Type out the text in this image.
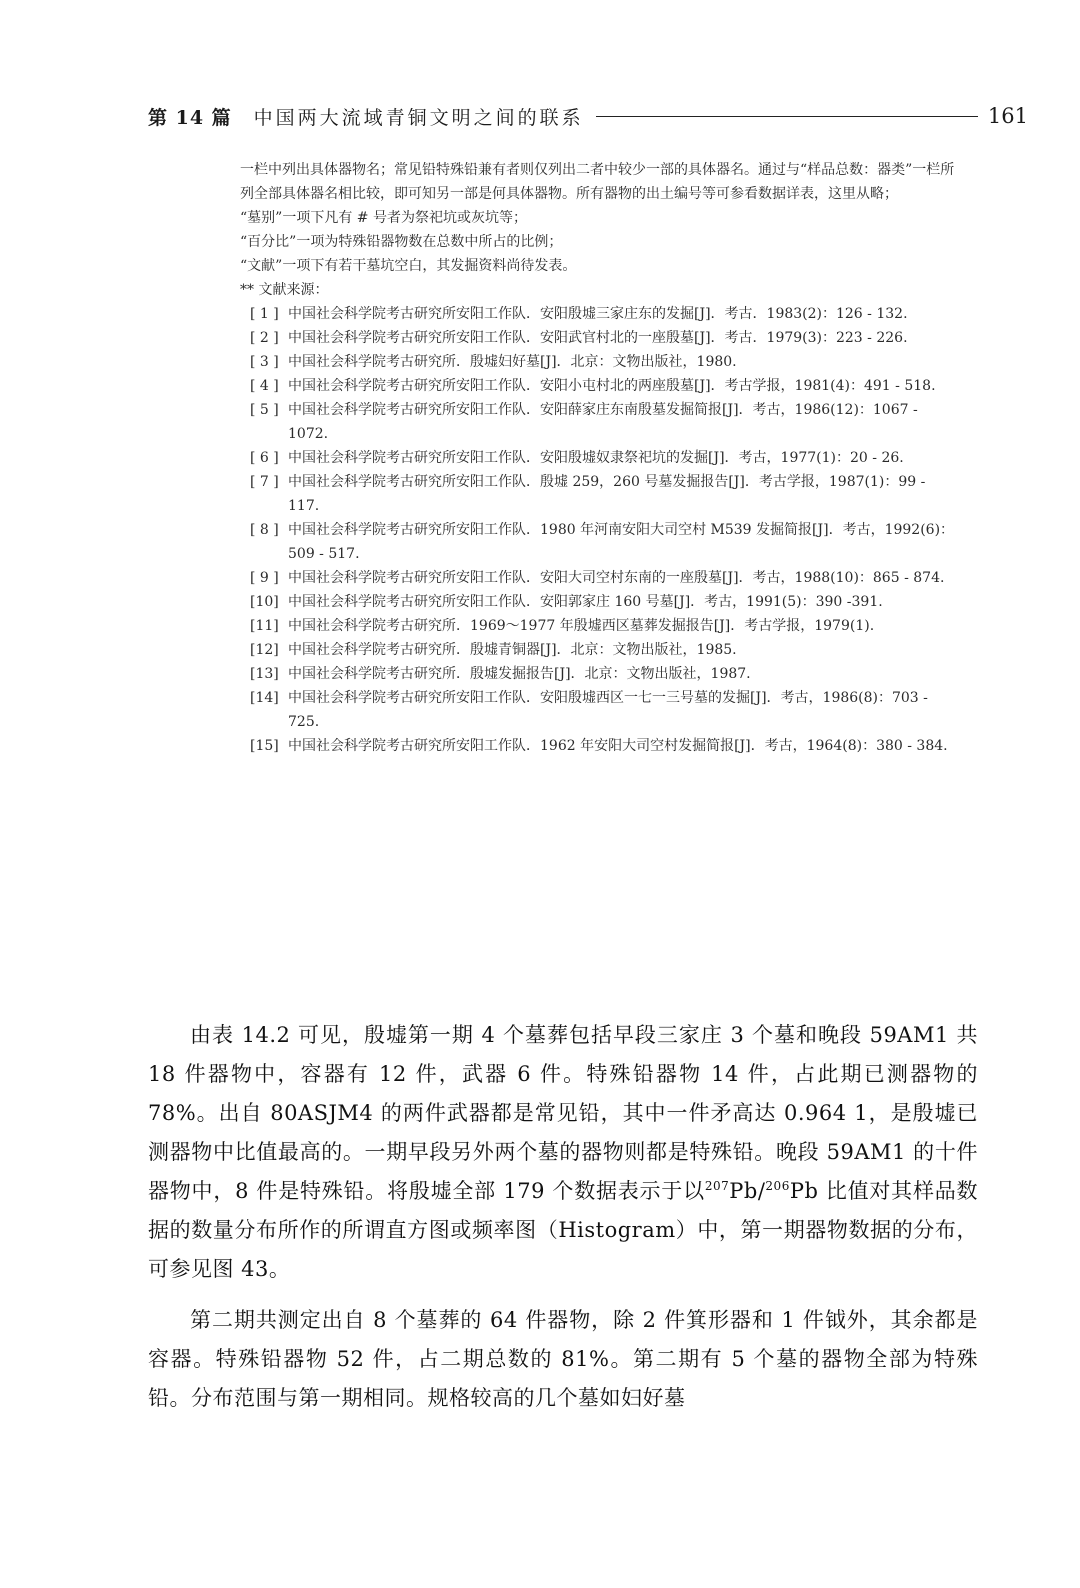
第 14 篇 中国两大流域青铜文明之间的联系	161

一栏中列出具体器物名；常见铅特殊铅兼有者则仅列出二者中较少一部的具体器名。通过与“样品总数：器类”一栏所列全部具体器名相比较，即可知另一部是何具体器物。所有器物的出土编号等可参看数据详表，这里从略；

“墓别”一项下凡有 # 号者为祭祀坑或灰坑等；

“百分比”一项为特殊铅器物数在总数中所占的比例；

“文献”一项下有若干墓坑空白，其发掘资料尚待发表。

** 文献来源：

[ 1 ] 中国社会科学院考古研究所安阳工作队．安阳殷墟三家庄东的发掘[J]．考古．1983(2)：126 - 132.
[ 2 ] 中国社会科学院考古研究所安阳工作队．安阳武官村北的一座殷墓[J]．考古．1979(3)：223 - 226.
[ 3 ] 中国社会科学院考古研究所．殷墟妇好墓[J]．北京：文物出版社，1980.
[ 4 ] 中国社会科学院考古研究所安阳工作队．安阳小屯村北的两座殷墓[J]．考古学报，1981(4)：491 - 518.
[ 5 ] 中国社会科学院考古研究所安阳工作队．安阳薛家庄东南殷墓发掘简报[J]．考古，1986(12)：1067 - 1072.
[ 6 ] 中国社会科学院考古研究所安阳工作队．安阳殷墟奴隶祭祀坑的发掘[J]．考古，1977(1)：20 - 26.
[ 7 ] 中国社会科学院考古研究所安阳工作队．殷墟 259，260 号墓发掘报告[J]．考古学报，1987(1)：99 - 117.
[ 8 ] 中国社会科学院考古研究所安阳工作队．1980 年河南安阳大司空村 M539 发掘简报[J]．考古，1992(6)：509 - 517.
[ 9 ] 中国社会科学院考古研究所安阳工作队．安阳大司空村东南的一座殷墓[J]．考古，1988(10)：865 - 874.
[10] 中国社会科学院考古研究所安阳工作队．安阳郭家庄 160 号墓[J]．考古，1991(5)：390 -391.
[11] 中国社会科学院考古研究所．1969～1977 年殷墟西区墓葬发掘报告[J]．考古学报，1979(1).
[12] 中国社会科学院考古研究所．殷墟青铜器[J]．北京：文物出版社，1985.
[13] 中国社会科学院考古研究所．殷墟发掘报告[J]．北京：文物出版社，1987.
[14] 中国社会科学院考古研究所安阳工作队．安阳殷墟西区一七一三号墓的发掘[J]．考古，1986(8)：703 - 725.
[15] 中国社会科学院考古研究所安阳工作队．1962 年安阳大司空村发掘简报[J]．考古，1964(8)：380 - 384.

由表 14.2 可见，殷墟第一期 4 个墓葬包括早段三家庄 3 个墓和晚段 59AM1 共 18 件器物中，容器有 12 件，武器 6 件。特殊铅器物 14 件，占此期已测器物的 78%。出自 80ASJM4 的两件武器都是常见铅，其中一件矛高达 0.964 1，是殷墟已测器物中比值最高的。一期早段另外两个墓的器物则都是特殊铅。晚段 59AM1 的十件器物中，8 件是特殊铅。将殷墟全部 179 个数据表示于以$^{207}$Pb/$^{206}$Pb 比值对其样品数据的数量分布所作的所谓直方图或频率图（Histogram）中，第一期器物数据的分布，可参见图 43。

第二期共测定出自 8 个墓葬的 64 件器物，除 2 件箕形器和 1 件钺外，其余都是容器。特殊铅器物 52 件，占二期总数的 81%。第二期有 5 个墓的器物全部为特殊铅。分布范围与第一期相同。规格较高的几个墓如妇好墓
